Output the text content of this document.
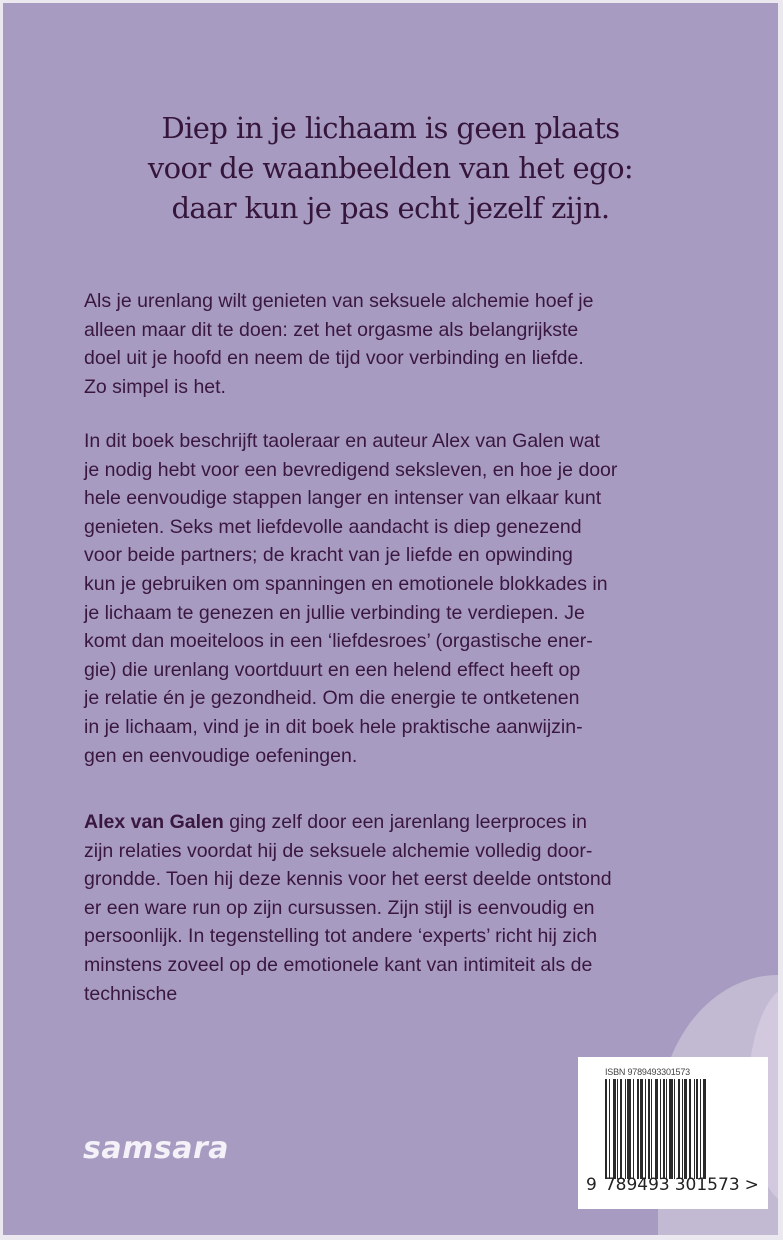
Diep in je lichaam is geen plaats
voor de waanbeelden van het ego:
daar kun je pas echt jezelf zijn.
Als je urenlang wilt genieten van seksuele alchemie hoef je
alleen maar dit te doen: zet het orgasme als belangrijkste
doel uit je hoofd en neem de tijd voor verbinding en liefde.
Zo simpel is het.
In dit boek beschrijft taoleraar en auteur Alex van Galen wat
je nodig hebt voor een bevredigend seksleven, en hoe je door
hele eenvoudige stappen langer en intenser van elkaar kunt
genieten. Seks met liefdevolle aandacht is diep genezend
voor beide partners; de kracht van je liefde en opwinding
kun je gebruiken om spanningen en emotionele blokkades in
je lichaam te genezen en jullie verbinding te verdiepen. Je
komt dan moeiteloos in een ‘liefdesroes’ (orgastische ener-
gie) die urenlang voortduurt en een helend effect heeft op
je relatie én je gezondheid. Om die energie te ontketenen
in je lichaam, vind je in dit boek hele praktische aanwijzin-
gen en eenvoudige oefeningen.
Alex van Galen ging zelf door een jarenlang leerproces in
zijn relaties voordat hij de seksuele alchemie volledig door-
grondde. Toen hij deze kennis voor het eerst deelde ontstond
er een ware run op zijn cursussen. Zijn stijl is eenvoudig en
persoonlijk. In tegenstelling tot andere ‘experts’ richt hij zich
minstens zoveel op de emotionele kant van intimiteit als de
technische
samsara
ISBN 9789493301573
9 789493 301573 >
